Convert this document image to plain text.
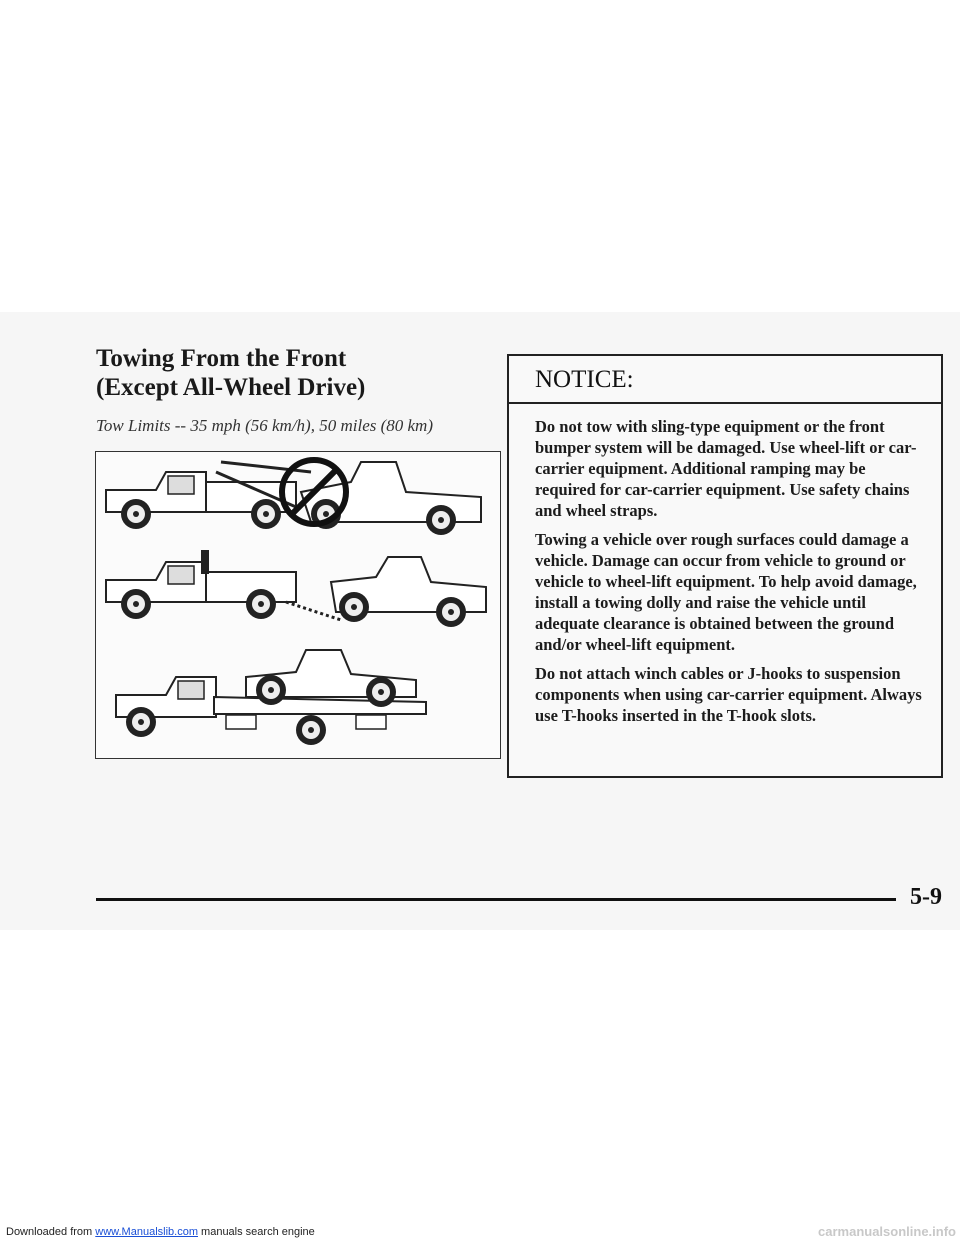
Towing From the Front
(Except All-Wheel Drive)
Tow Limits -- 35 mph (56 km/h), 50 miles (80 km)
NOTICE:

Do not tow with sling-type equipment or the front bumper system will be damaged. Use wheel-lift or car-carrier equipment. Additional ramping may be required for car-carrier equipment. Use safety chains and wheel straps.

Towing a vehicle over rough surfaces could damage a vehicle. Damage can occur from vehicle to ground or vehicle to wheel-lift equipment. To help avoid damage, install a towing dolly and raise the vehicle until adequate clearance is obtained between the ground and/or wheel-lift equipment.

Do not attach winch cables or J-hooks to suspension components when using car-carrier equipment. Always use T-hooks inserted in the T-hook slots.

5-9
Downloaded from www.Manualslib.com manuals search engine	carmanualsonline.info
